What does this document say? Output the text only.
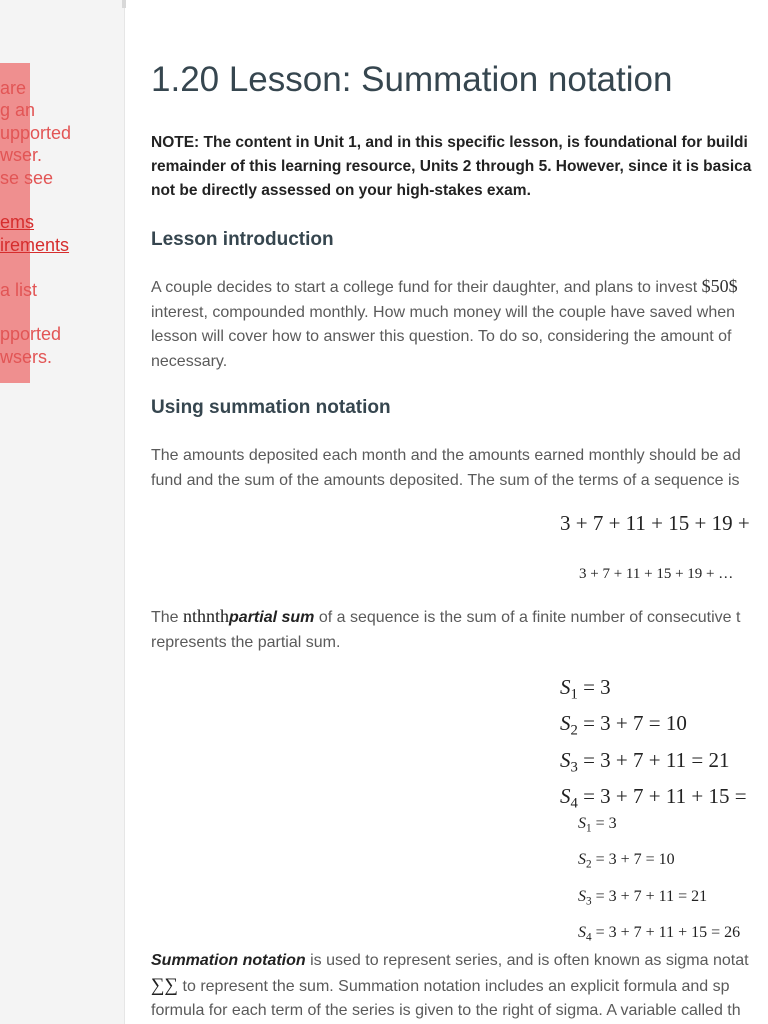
are
g an
upported
wser.
se see
ems
irements
a list
pported
wsers.
1.20 Lesson: Summation notation

NOTE: The content in Unit 1, and in this specific lesson, is foundational for buildi
remainder of this learning resource, Units 2 through 5. However, since it is basica
not be directly assessed on your high-stakes exam.

Lesson introduction

A couple decides to start a college fund for their daughter, and plans to invest $50$
interest, compounded monthly. How much money will the couple have saved when
lesson will cover how to answer this question. To do so, considering the amount of
necessary.

Using summation notation

The amounts deposited each month and the amounts earned monthly should be ad
fund and the sum of the amounts deposited. The sum of the terms of a sequence is

3 + 7 + 11 + 15 + 19 +
3 + 7 + 11 + 15 + 19 + …

The nthnthpartial sum of a sequence is the sum of a finite number of consecutive t
represents the partial sum.

$S_1 = 3$
$S_2 = 3 + 7 = 10$
$S_3 = 3 + 7 + 11 = 21$
$S_4 = 3 + 7 + 11 + 15$ =
$S_1 = 3$
$S_2 = 3 + 7 = 10$
$S_3 = 3 + 7 + 11 = 21$
$S_4 = 3 + 7 + 11 + 15 = 26$

Summation notation is used to represent series, and is often known as sigma notat
∑∑ to represent the sum. Summation notation includes an explicit formula and sp
formula for each term of the series is given to the right of sigma. A variable called th
